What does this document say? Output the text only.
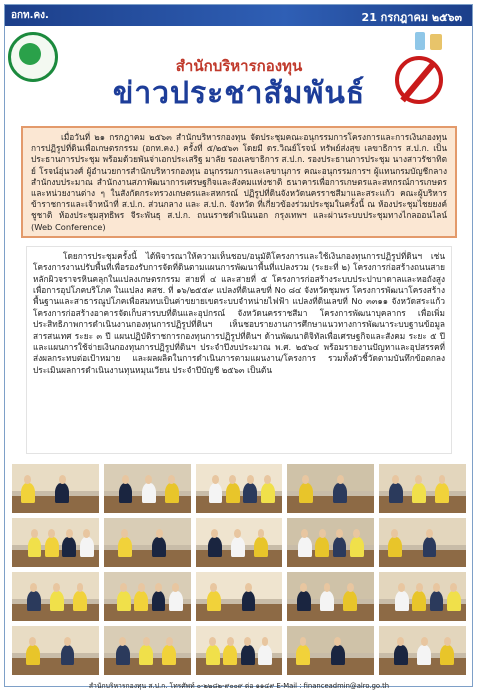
อกท.คง.	21 กรกฎาคม ๒๕๖๓
สำนักบริหารกองทุน
ข่าวประชาสัมพันธ์
เมื่อวันที่ ๒๑ กรกฎาคม ๒๕๖๓ สำนักบริหารกองทุน จัดประชุมคณะอนุกรรมการโครงการและการเงินกองทุนการปฏิรูปที่ดินเพื่อเกษตรกรรม (อกท.คง.) ครั้งที่ ๕/๒๕๖๓ โดยมี ดร.วิณย์โรจน์ ทรัพย์ส่งสุข เลขาธิการ ส.ป.ก. เป็นประธานการประชุม พร้อมด้วยพันจ่าเอกประเสริฐ มาลัย รองเลขาธิการ ส.ป.ก. รองประธานการประชุม นางสาวรัชาทิตย์ โรจน์อุ่นวงศ์ ผู้อำนวยการสำนักบริหารกองทุน อนุกรรมการและเลขานุการ คณะอนุกรรมการฯ ผู้แทนกรมบัญชีกลาง สำนักงบประมาณ สำนักงานสภาพัฒนาการเศรษฐกิจและสังคมแห่งชาติ ธนาคารเพื่อการเกษตรและสหกรณ์การเกษตร และหน่วยงานต่าง ๆ ในสังกัดกระทรวงเกษตรและสหกรณ์ ปฏิรูปที่ดินจังหวัดนครราชสีมาและสระแก้ว คณะผู้บริหาร ข้าราชการและเจ้าหน้าที่ ส.ป.ก. ส่วนกลาง และ ส.ป.ก. จังหวัด ที่เกี่ยวข้องร่วมประชุมในครั้งนี้ ณ ห้องประชุมไชยยงค์ ชูชาติ ห้องประชุมสุทธิพร จีระพันธุ ส.ป.ก. ถนนราชดำเนินนอก กรุงเทพฯ และผ่านระบบประชุมทางไกลออนไลน์ (Web Conference)
โดยการประชุมครั้งนี้ ได้พิจารณาให้ความเห็นชอบ/อนุมัติโครงการและใช้เงินกองทุนการปฏิรูปที่ดินฯ เช่น โครงการงานปรับพื้นที่เพื่อรองรับการจัดที่ดินตามแผนการพัฒนาพื้นที่แปลงรวม (ระยะที่ ๒) โครงการก่อสร้างถนนสายหลักผิวจราจรหินคลุกในแปลงเกษตรกรรม สายที่ ๔ และสายที่ ๕ โครงการก่อสร้างระบบประปาบาดาลและหอถังสูงเพื่อการอุปโภคบริโภค ในแปลง คสช. ที่ ๑๖/๒๕๕๙ แปลงที่ดินเลขที่ No ๘๔ จังหวัดชุมพร โครงการพัฒนาโครงสร้างพื้นฐานและสาธารณูปโภคเพื่อสมทบเป็นค่าขยายเขตระบบจำหน่ายไฟฟ้า แปลงที่ดินเลขที่ No ๓๓๑๑ จังหวัดสระแก้ว โครงการก่อสร้างอาคารจัดเก็บสารบบที่ดินและอุปกรณ์ จังหวัดนครราชสีมา โครงการพัฒนาบุคลากร เพื่อเพิ่มประสิทธิภาพการดำเนินงานกองทุนการปฏิรูปที่ดินฯ เห็นชอบรายงานการศึกษาแนวทางการพัฒนาระบบฐานข้อมูลสารสนเทศ ระยะ ๓ ปี แผนปฏิบัติราชการกองทุนการปฏิรูปที่ดินฯ ด้านพัฒนาดิจิทัลเพื่อเศรษฐกิจและสังคม ระยะ ๕ ปี และแผนการใช้จ่ายเงินกองทุนการปฏิรูปที่ดินฯ ประจำปีงบประมาณ พ.ศ. ๒๕๖๔ พร้อมรายงานปัญหาและอุปสรรคที่ส่งผลกระทบต่อเป้าหมาย และผลผลิตในการดำเนินการตามแผนงาน/โครงการ รวมทั้งตัวชี้วัดตามบันทึกข้อตกลงประเมินผลการดำเนินงานทุนหมุนเวียน ประจำปีบัญชี ๒๕๖๓ เป็นต้น
สำนักบริหารกองทุน ส.ป.ก. โทรศัพท์ ๐-๒๒๘๒-๙๐๐๙ ต่อ ๑๑๔๙ E-Mail : financeadmin@alro.go.th
